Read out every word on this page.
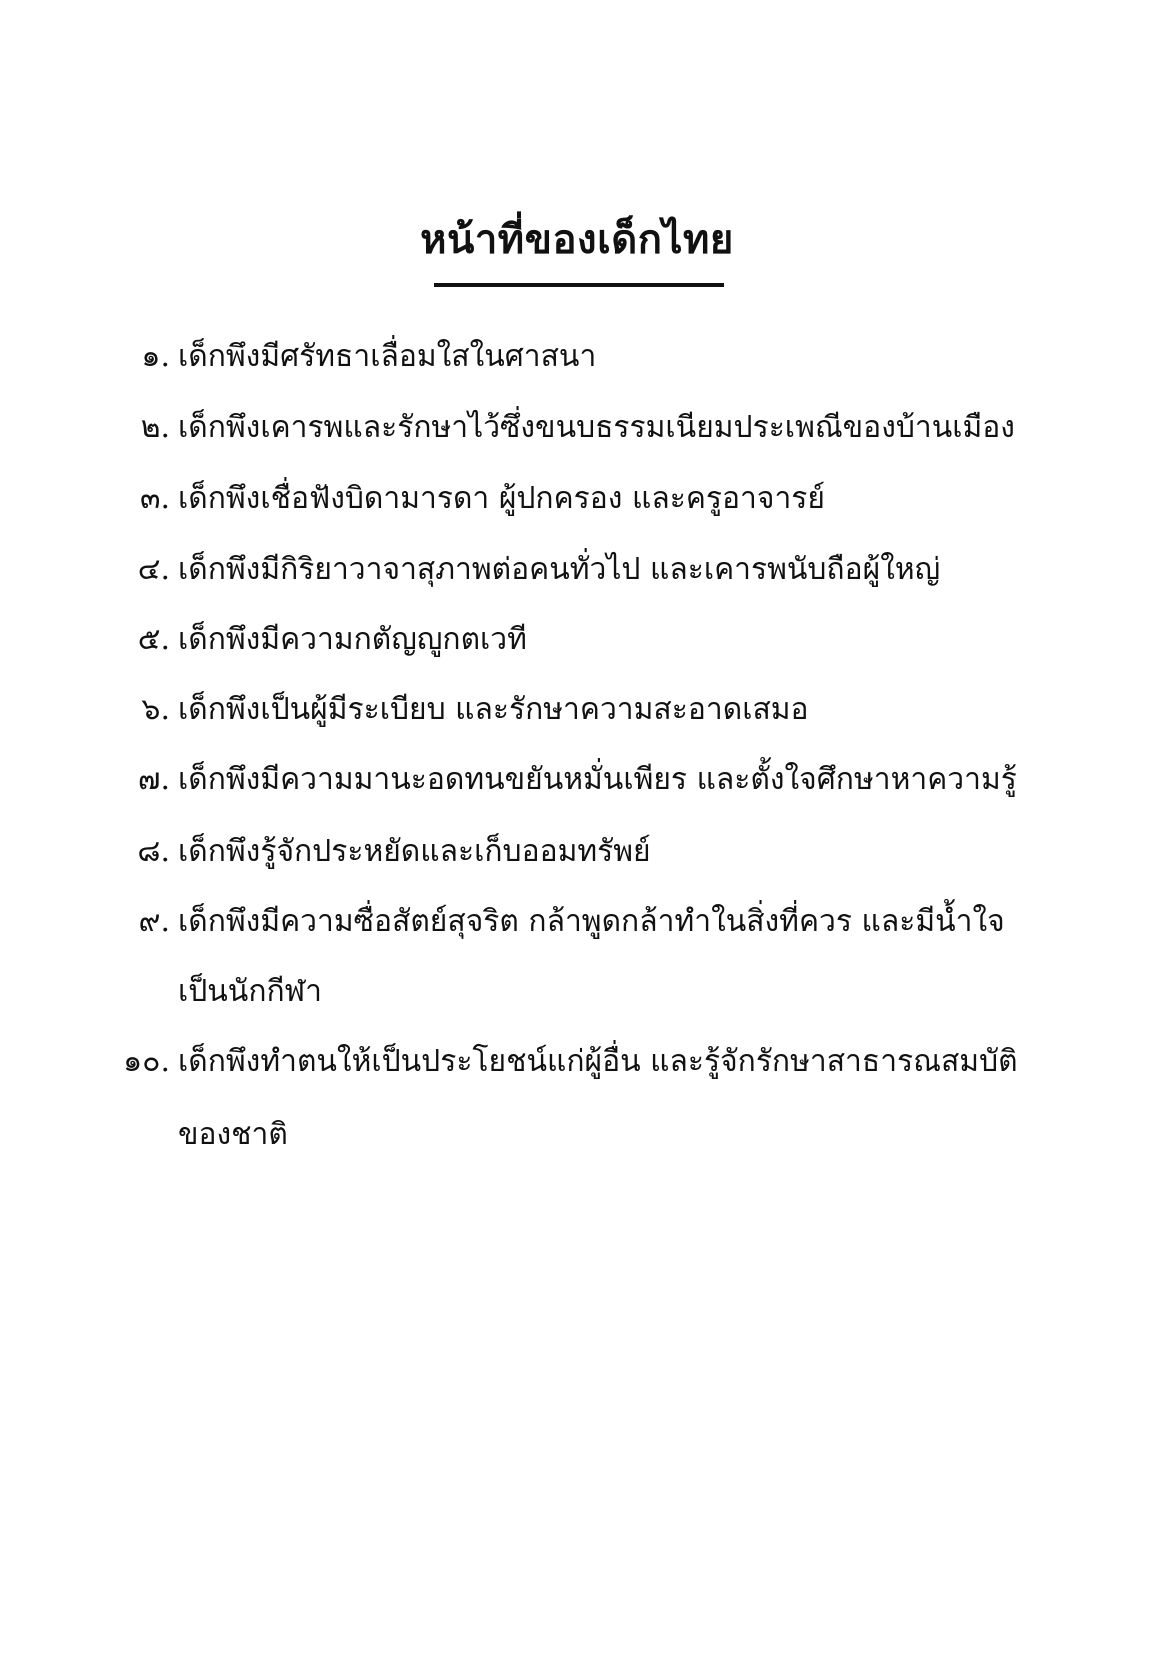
หน้าที่ของเด็กไทย
๑. เด็กพึงมีศรัทธาเลื่อมใสในศาสนา
๒. เด็กพึงเคารพและรักษาไว้ซึ่งขนบธรรมเนียมประเพณีของบ้านเมือง
๓. เด็กพึงเชื่อฟังบิดามารดา ผู้ปกครอง และครูอาจารย์
๔. เด็กพึงมีกิริยาวาจาสุภาพต่อคนทั่วไป และเคารพนับถือผู้ใหญ่
๕. เด็กพึงมีความกตัญญูกตเวที
๖. เด็กพึงเป็นผู้มีระเบียบ และรักษาความสะอาดเสมอ
๗. เด็กพึงมีความมานะอดทนขยันหมั่นเพียร และตั้งใจศึกษาหาความรู้
๘. เด็กพึงรู้จักประหยัดและเก็บออมทรัพย์
๙. เด็กพึงมีความซื่อสัตย์สุจริต กล้าพูดกล้าทำในสิ่งที่ควร และมีน้ำใจ
เป็นนักกีฬา
๑๐. เด็กพึงทำตนให้เป็นประโยชน์แก่ผู้อื่น และรู้จักรักษาสาธารณสมบัติ
ของชาติ
